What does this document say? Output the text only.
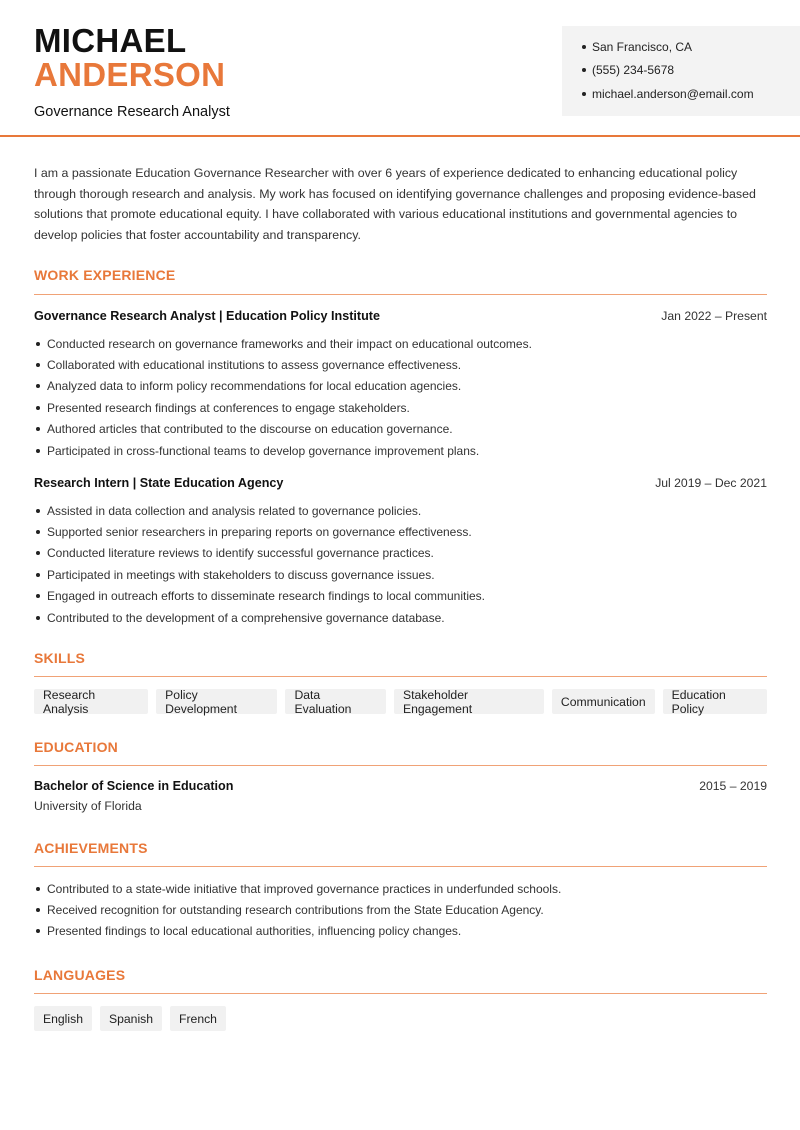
MICHAEL
ANDERSON
Governance Research Analyst
San Francisco, CA
(555) 234-5678
michael.anderson@email.com

I am a passionate Education Governance Researcher with over 6 years of experience dedicated to enhancing educational policy through thorough research and analysis. My work has focused on identifying governance challenges and proposing evidence-based solutions that promote educational equity. I have collaborated with various educational institutions and governmental agencies to develop policies that foster accountability and transparency.

WORK EXPERIENCE
Governance Research Analyst | Education Policy Institute	Jan 2022 – Present
Conducted research on governance frameworks and their impact on educational outcomes.
Collaborated with educational institutions to assess governance effectiveness.
Analyzed data to inform policy recommendations for local education agencies.
Presented research findings at conferences to engage stakeholders.
Authored articles that contributed to the discourse on education governance.
Participated in cross-functional teams to develop governance improvement plans.
Research Intern | State Education Agency	Jul 2019 – Dec 2021
Assisted in data collection and analysis related to governance policies.
Supported senior researchers in preparing reports on governance effectiveness.
Conducted literature reviews to identify successful governance practices.
Participated in meetings with stakeholders to discuss governance issues.
Engaged in outreach efforts to disseminate research findings to local communities.
Contributed to the development of a comprehensive governance database.
SKILLS
Research Analysis
Policy Development
Data Evaluation
Stakeholder Engagement	Communication	Education Policy
EDUCATION
Bachelor of Science in Education	2015 – 2019
University of Florida
ACHIEVEMENTS
Contributed to a state-wide initiative that improved governance practices in underfunded schools.
Received recognition for outstanding research contributions from the State Education Agency.
Presented findings to local educational authorities, influencing policy changes.
LANGUAGES
English	Spanish	French
